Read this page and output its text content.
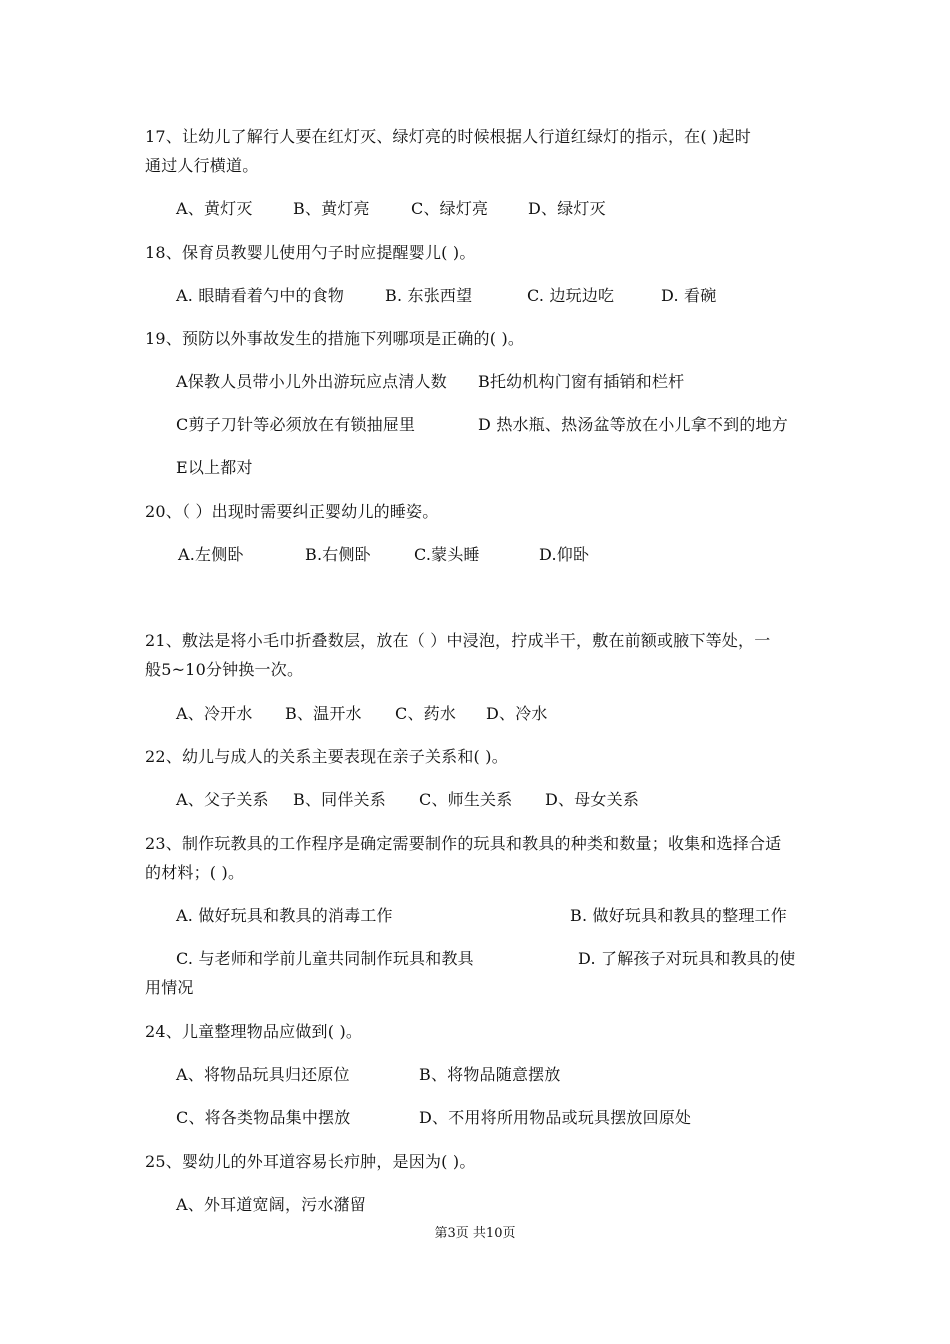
17、让幼儿了解行人要在红灯灭、绿灯亮的时候根据人行道红绿灯的指示，在( )起时
通过人行横道。
A、黄灯灭	B、黄灯亮	C、绿灯亮 D、绿灯灭
18、保育员教婴儿使用勺子时应提醒婴儿( )。
A. 眼睛看着勺中的食物	B. 东张西望	C. 边玩边吃	D. 看碗
19、预防以外事故发生的措施下列哪项是正确的( )。
A保教人员带小儿外出游玩应点清人数 B托幼机构门窗有插销和栏杆
C剪子刀针等必须放在有锁抽屉里	D 热水瓶、热汤盆等放在小儿拿不到的地方
E以上都对
20、（ ）出现时需要纠正婴幼儿的睡姿。
A.左侧卧	B.右侧卧	C.蒙头睡	D.仰卧
21、敷法是将小毛巾折叠数层，放在（ ）中浸泡，拧成半干，敷在前额或腋下等处，一
般5~10分钟换一次。
A、冷开水 B、温开水 C、药水 D、冷水
22、幼儿与成人的关系主要表现在亲子关系和( )。
A、父子关系 B、同伴关系 C、师生关系 D、母女关系
23、制作玩教具的工作程序是确定需要制作的玩具和教具的种类和数量；收集和选择合适
的材料；( )。
A. 做好玩具和教具的消毒工作	B. 做好玩具和教具的整理工作
C. 与老师和学前儿童共同制作玩具和教具	D. 了解孩子对玩具和教具的使
用情况
24、儿童整理物品应做到( )。
A、将物品玩具归还原位	B、将物品随意摆放
C、将各类物品集中摆放	D、不用将所用物品或玩具摆放回原处
25、婴幼儿的外耳道容易长疖肿，是因为( )。
A、外耳道宽阔，污水潴留
第3页 共10页
